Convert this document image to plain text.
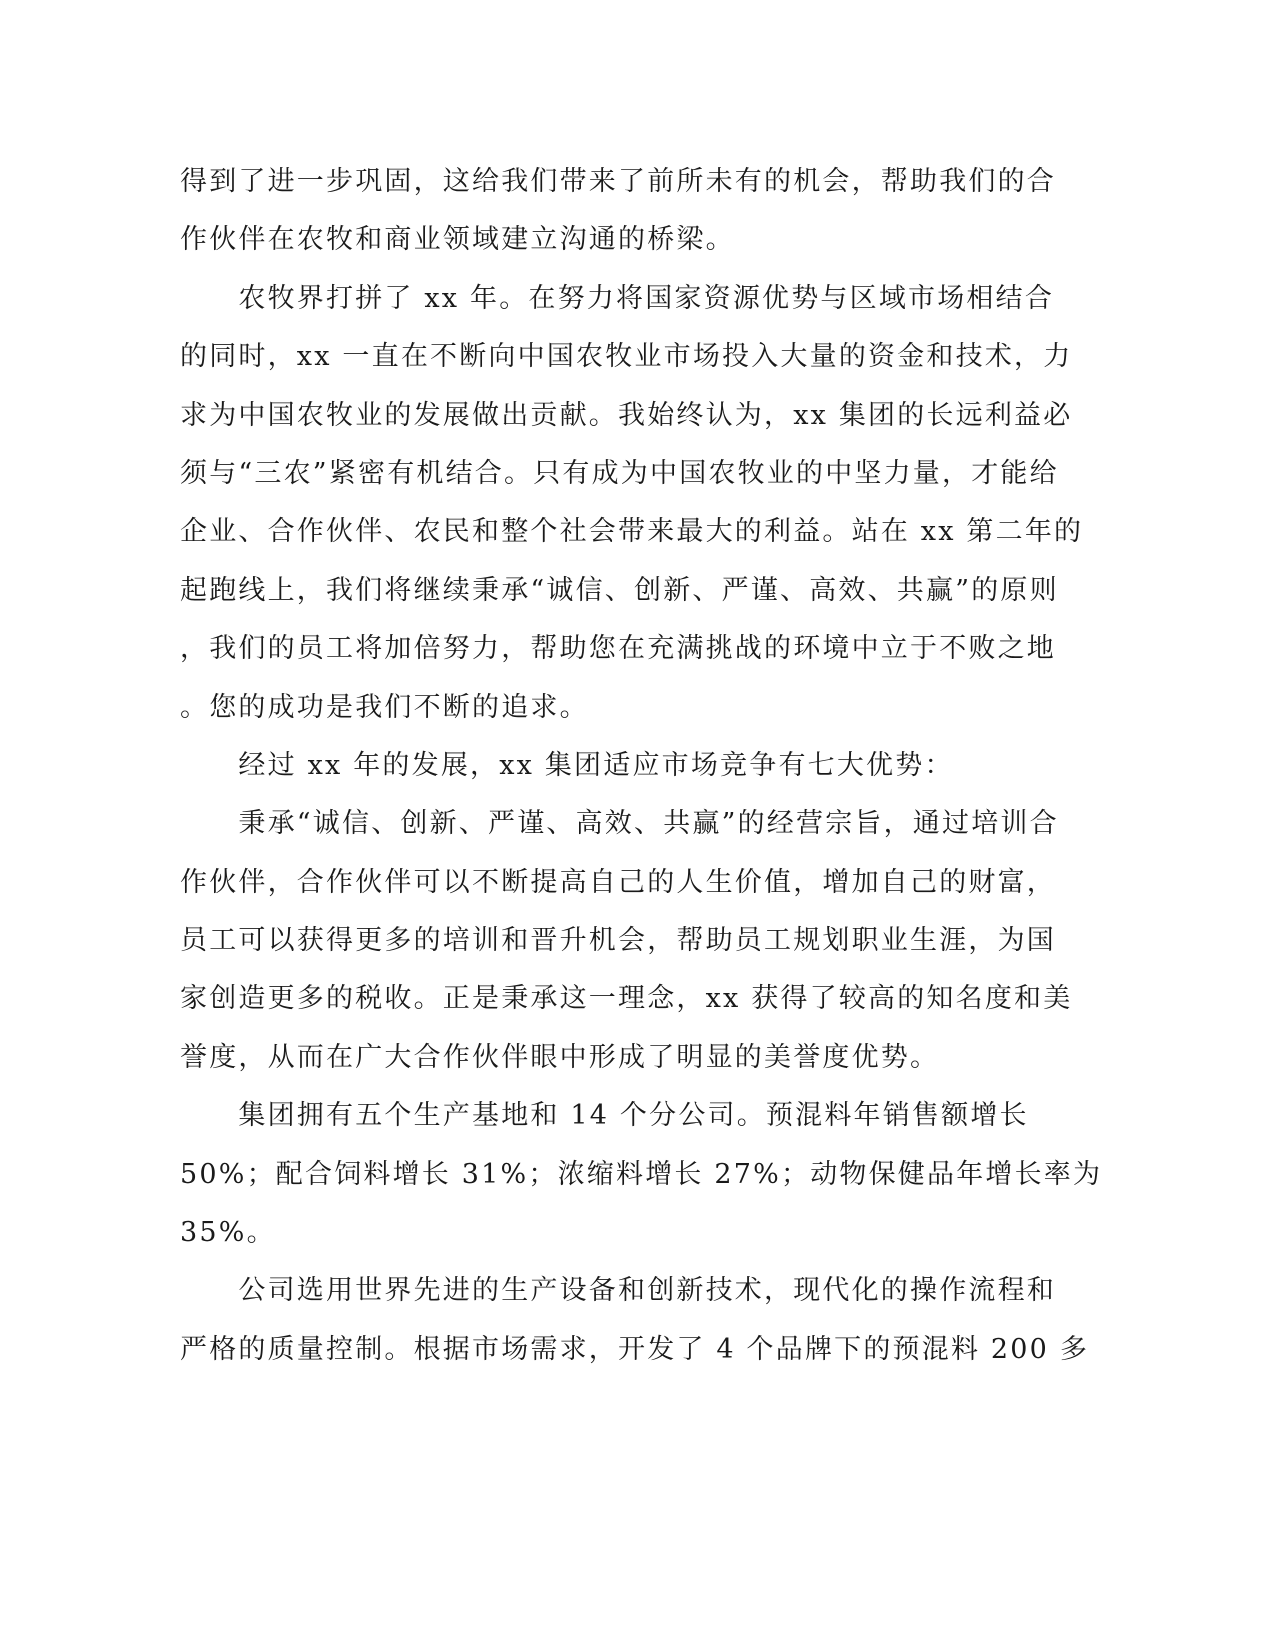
得到了进一步巩固，这给我们带来了前所未有的机会，帮助我们的合
作伙伴在农牧和商业领域建立沟通的桥梁。
　　农牧界打拼了 xx 年。在努力将国家资源优势与区域市场相结合
的同时，xx 一直在不断向中国农牧业市场投入大量的资金和技术，力
求为中国农牧业的发展做出贡献。我始终认为，xx 集团的长远利益必
须与“三农”紧密有机结合。只有成为中国农牧业的中坚力量，才能给
企业、合作伙伴、农民和整个社会带来最大的利益。站在 xx 第二年的
起跑线上，我们将继续秉承“诚信、创新、严谨、高效、共赢”的原则
，我们的员工将加倍努力，帮助您在充满挑战的环境中立于不败之地
。您的成功是我们不断的追求。
　　经过 xx 年的发展，xx 集团适应市场竞争有七大优势：
　　秉承“诚信、创新、严谨、高效、共赢”的经营宗旨，通过培训合
作伙伴，合作伙伴可以不断提高自己的人生价值，增加自己的财富，
员工可以获得更多的培训和晋升机会，帮助员工规划职业生涯，为国
家创造更多的税收。正是秉承这一理念，xx 获得了较高的知名度和美
誉度，从而在广大合作伙伴眼中形成了明显的美誉度优势。
　　集团拥有五个生产基地和 14 个分公司。预混料年销售额增长
50%；配合饲料增长 31%；浓缩料增长 27%；动物保健品年增长率为
35%。
　　公司选用世界先进的生产设备和创新技术，现代化的操作流程和
严格的质量控制。根据市场需求，开发了 4 个品牌下的预混料 200 多
